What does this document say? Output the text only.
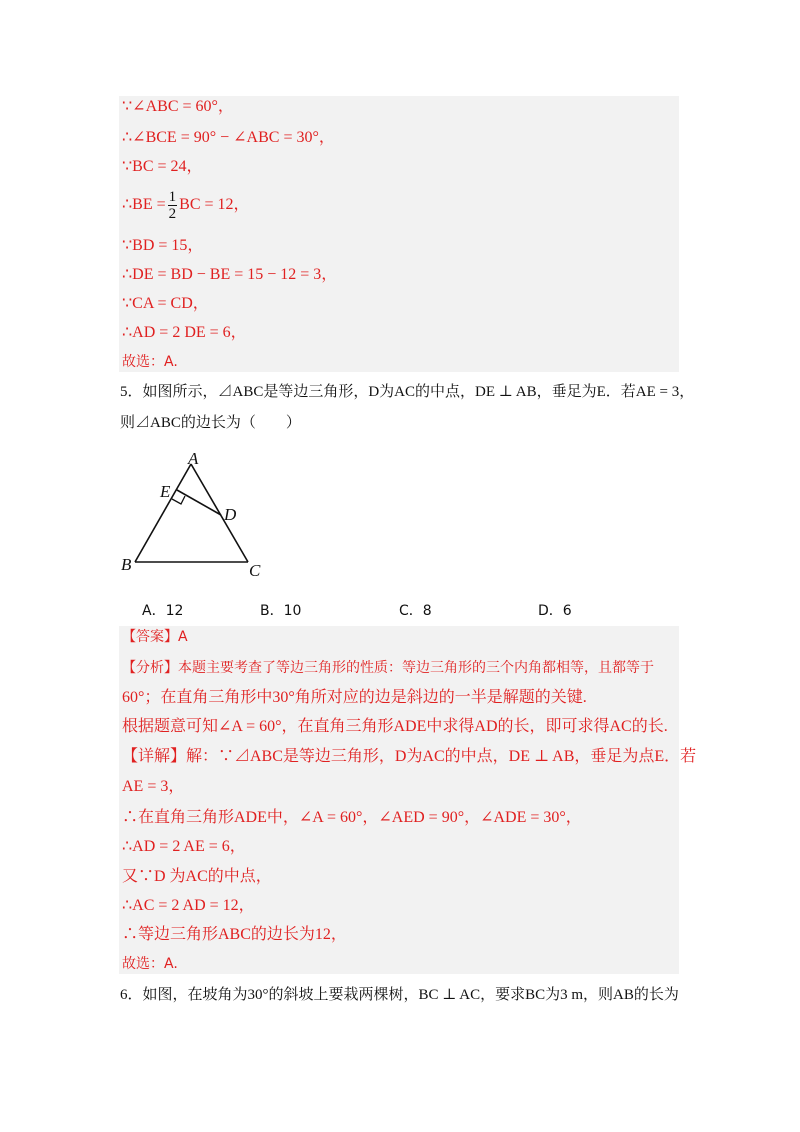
∵∠ABC = 60°，
∴∠BCE = 90° − ∠ABC = 30°，
∵BC = 24，
∴BE = $\frac{1}{2}$ BC = 12，
∵BD = 15，
∴DE = BD − BE = 15 − 12 = 3，
∵CA = CD，
∴AD = 2 DE = 6，
故选：A.
5．如图所示，⊿ABC是等边三角形，D为AC的中点，DE ⊥ AB，垂足为E．若AE = 3，
则⊿ABC的边长为（　　）
A
E
D
B	C
A．12	B．10	C．8	D．6
【答案】A
【分析】本题主要考查了等边三角形的性质：等边三角形的三个内角都相等，且都等于
60°；在直角三角形中30°角所对应的边是斜边的一半是解题的关键.
根据题意可知∠A = 60°，在直角三角形ADE中求得AD的长，即可求得AC的长.
【详解】解：∵⊿ABC是等边三角形，D为AC的中点，DE ⊥ AB，垂足为点E．若
AE = 3，
∴在直角三角形ADE中，∠A = 60°，∠AED = 90°，∠ADE = 30°，
∴AD = 2 AE = 6，
又∵D 为AC的中点，
∴AC = 2 AD = 12，
∴等边三角形ABC的边长为12，
故选：A.
6．如图，在坡角为30°的斜坡上要栽两棵树，BC ⊥ AC，要求BC为3 m，则AB的长为
